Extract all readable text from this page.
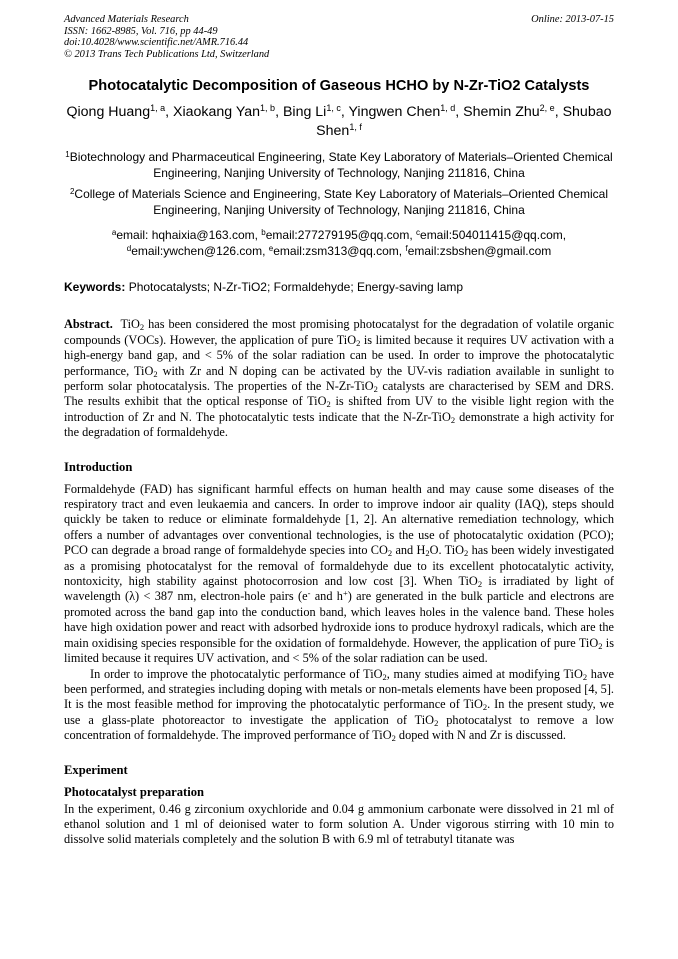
Advanced Materials Research
ISSN: 1662-8985, Vol. 716, pp 44-49
doi:10.4028/www.scientific.net/AMR.716.44
© 2013 Trans Tech Publications Ltd, Switzerland
Online: 2013-07-15
Photocatalytic Decomposition of Gaseous HCHO by N-Zr-TiO2 Catalysts
Qiong Huang$^{1, a}$, Xiaokang Yan$^{1, b}$, Bing Li$^{1, c}$, Yingwen Chen$^{1, d}$, Shemin Zhu$^{2, e}$, Shubao Shen$^{1, f}$
$^1$Biotechnology and Pharmaceutical Engineering, State Key Laboratory of Materials–Oriented Chemical Engineering, Nanjing University of Technology, Nanjing 211816, China
$^2$College of Materials Science and Engineering, State Key Laboratory of Materials–Oriented Chemical Engineering, Nanjing University of Technology, Nanjing 211816, China
$^a$email: hqhaixia@163.com, $^b$email:277279195@qq.com, $^c$email:504011415@qq.com,
$^d$email:ywchen@126.com, $^e$email:zsm313@qq.com, $^f$email:zsbshen@gmail.com
Keywords: Photocatalysts; N-Zr-TiO2; Formaldehyde; Energy-saving lamp
Abstract. TiO$_2$ has been considered the most promising photocatalyst for the degradation of volatile organic compounds (VOCs). However, the application of pure TiO$_2$ is limited because it requires UV activation with a high-energy band gap, and < 5% of the solar radiation can be used. In order to improve the photocatalytic performance, TiO$_2$ with Zr and N doping can be activated by the UV-vis radiation available in sunlight to perform solar photocatalysis. The properties of the N-Zr-TiO$_2$ catalysts are characterised by SEM and DRS. The results exhibit that the optical response of TiO$_2$ is shifted from UV to the visible light region with the introduction of Zr and N. The photocatalytic tests indicate that the N-Zr-TiO$_2$ demonstrate a high activity for the degradation of formaldehyde.
Introduction

Formaldehyde (FAD) has significant harmful effects on human health and may cause some diseases of the respiratory tract and even leukaemia and cancers. In order to improve indoor air quality (IAQ), steps should quickly be taken to reduce or eliminate formaldehyde [1, 2]. An alternative remediation technology, which offers a number of advantages over conventional technologies, is the use of photocatalytic oxidation (PCO); PCO can degrade a broad range of formaldehyde species into $CO_2$ and $H_2O$. TiO$_2$ has been widely investigated as a promising photocatalyst for the removal of formaldehyde due to its excellent photocatalytic activity, nontoxicity, high stability against photocorrosion and low cost [3]. When TiO$_2$ is irradiated by light of wavelength (λ) < 387 nm, electron-hole pairs (e- and h+) are generated in the bulk particle and electrons are promoted across the band gap into the conduction band, which leaves holes in the valence band. These holes have high oxidation power and react with adsorbed hydroxide ions to produce hydroxyl radicals, which are the main oxidising species responsible for the oxidation of formaldehyde. However, the application of pure TiO$_2$ is limited because it requires UV activation, and < 5% of the solar radiation can be used.

In order to improve the photocatalytic performance of TiO$_2$, many studies aimed at modifying TiO$_2$ have been performed, and strategies including doping with metals or non-metals elements have been proposed [4, 5]. It is the most feasible method for improving the photocatalytic performance of TiO$_2$. In the present study, we use a glass-plate photoreactor to investigate the application of TiO$_2$ photocatalyst to remove a low concentration of formaldehyde. The improved performance of TiO$_2$ doped with N and Zr is discussed.

Experiment
Photocatalyst preparation

In the experiment, 0.46 g zirconium oxychloride and 0.04 g ammonium carbonate were dissolved in 21 ml of ethanol solution and 1 ml of deionised water to form solution A. Under vigorous stirring with 10 min to dissolve solid materials completely and the solution B with 6.9 ml of tetrabutyl titanate was
